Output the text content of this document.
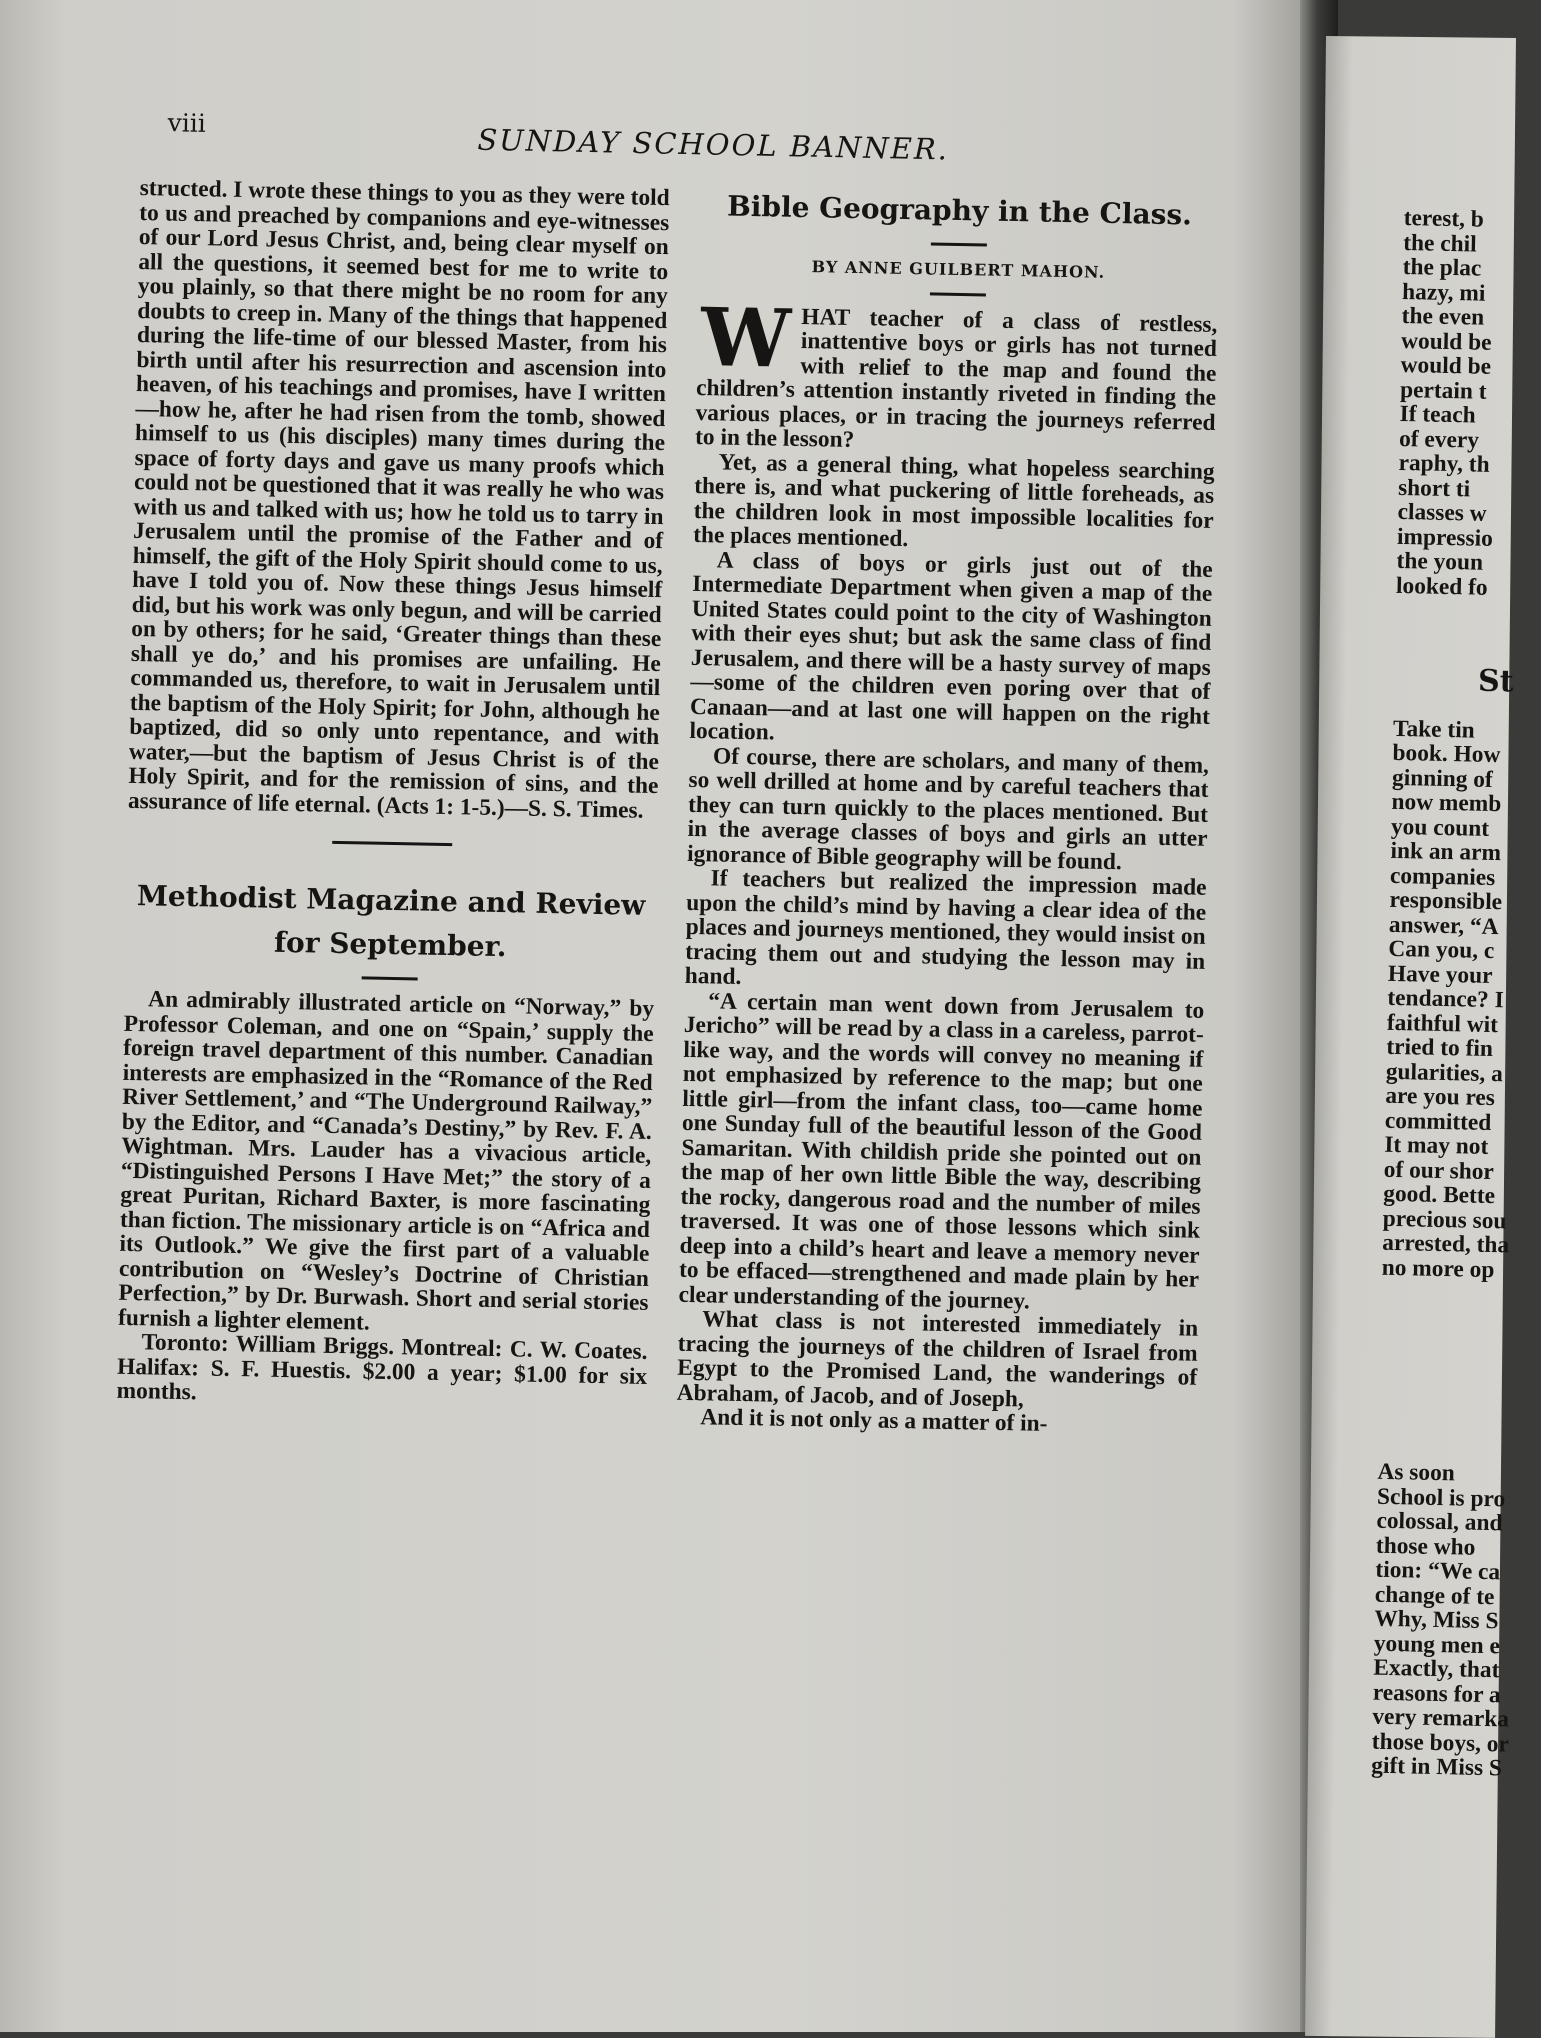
viii	SUNDAY SCHOOL BANNER.

structed. I wrote these things to you as they were told to us and preached by companions and eye-witnesses of our Lord Jesus Christ, and, being clear myself on all the questions, it seemed best for me to write to you plainly, so that there might be no room for any doubts to creep in. Many of the things that happened during the life-time of our blessed Master, from his birth until after his resurrection and ascension into heaven, of his teachings and promises, have I written—how he, after he had risen from the tomb, showed himself to us (his disciples) many times during the space of forty days and gave us many proofs which could not be questioned that it was really he who was with us and talked with us; how he told us to tarry in Jerusalem until the promise of the Father and of himself, the gift of the Holy Spirit should come to us, have I told you of. Now these things Jesus himself did, but his work was only begun, and will be carried on by others; for he said, ‘Greater things than these shall ye do,’ and his promises are unfailing. He commanded us, therefore, to wait in Jerusalem until the baptism of the Holy Spirit; for John, although he baptized, did so only unto repentance, and with water,—but the baptism of Jesus Christ is of the Holy Spirit, and for the remission of sins, and the assurance of life eternal. (Acts 1: 1-5.)—S. S. Times.

Methodist Magazine and Review

for September.

An admirably illustrated article on “Norway,” by Professor Coleman, and one on “Spain,’ supply the foreign travel department of this number. Canadian interests are emphasized in the “Romance of the Red River Settlement,’ and “The Underground Railway,” by the Editor, and “Canada’s Destiny,” by Rev. F. A. Wightman. Mrs. Lauder has a vivacious article, “Distinguished Persons I Have Met;” the story of a great Puritan, Richard Baxter, is more fascinating than fiction. The missionary article is on “Africa and its Outlook.” We give the first part of a valuable contribution on “Wesley’s Doctrine of Christian Perfection,” by Dr. Burwash. Short and serial stories furnish a lighter element.

Toronto: William Briggs. Montreal: C. W. Coates. Halifax: S. F. Huestis. $2.00 a year; $1.00 for six months.

Bible Geography in the Class.

BY ANNE GUILBERT MAHON.

W HAT teacher of a class of restless, inattentive boys or girls has not turned with relief to the map and found the children’s attention instantly riveted in finding the various places, or in tracing the journeys referred to in the lesson?

Yet, as a general thing, what hopeless searching there is, and what puckering of little foreheads, as the children look in most impossible localities for the places mentioned.

A class of boys or girls just out of the Intermediate Department when given a map of the United States could point to the city of Washington with their eyes shut; but ask the same class of find Jerusalem, and there will be a hasty survey of maps—some of the children even poring over that of Canaan—and at last one will happen on the right location.

Of course, there are scholars, and many of them, so well drilled at home and by careful teachers that they can turn quickly to the places mentioned. But in the average classes of boys and girls an utter ignorance of Bible geography will be found.

If teachers but realized the impression made upon the child’s mind by having a clear idea of the places and journeys mentioned, they would insist on tracing them out and studying the lesson may in hand.

“A certain man went down from Jerusalem to Jericho” will be read by a class in a careless, parrot-like way, and the words will convey no meaning if not emphasized by reference to the map; but one little girl—from the infant class, too—came home one Sunday full of the beautiful lesson of the Good Samaritan. With childish pride she pointed out on the map of her own little Bible the way, describing the rocky, dangerous road and the number of miles traversed. It was one of those lessons which sink deep into a child’s heart and leave a memory never to be effaced—strengthened and made plain by her clear understanding of the journey.

What class is not interested immediately in tracing the journeys of the children of Israel from Egypt to the Promised Land, the wanderings of Abraham, of Jacob, and of Joseph,

And it is not only as a matter of in-

terest, b
the chil
the plac
hazy, mi
the even
would be
would be
pertain t
If teach
of every
raphy, th
short ti
classes w
impressio
the youn
looked fo
St
Take tin
book. How
ginning of
now memb
you count
ink an arm
companies
responsible
answer, “A
Can you, c
Have your
tendance? I
faithful wit
tried to fin
gularities, a
are you res
committed
It may not
of our shor
good. Bette
precious sou
arrested, tha
no more op
As soon
School is pro
colossal, and
those who
tion: “We ca
change of te
Why, Miss S
young men e
Exactly, that
reasons for a
very remarka
those boys, or
gift in Miss S
